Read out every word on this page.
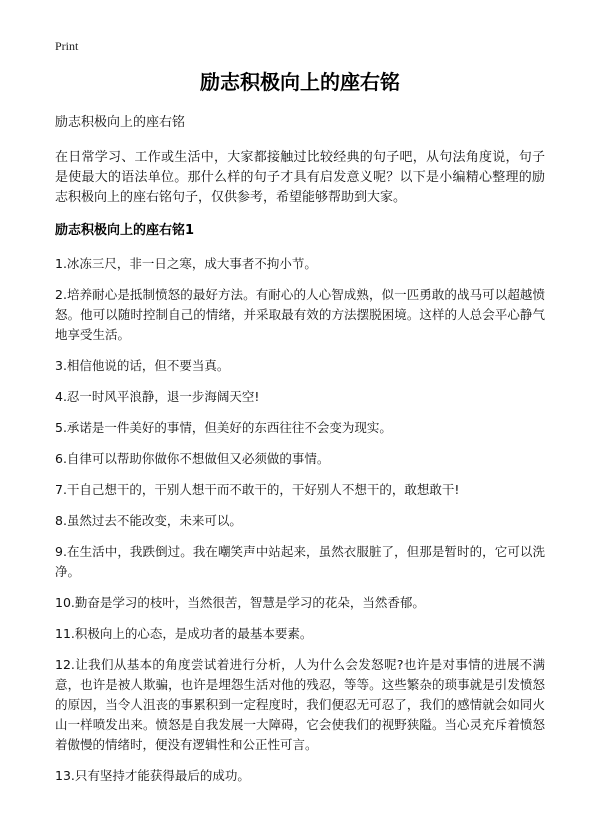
Print
励志积极向上的座右铭
励志积极向上的座右铭

在日常学习、工作或生活中，大家都接触过比较经典的句子吧，从句法角度说，句子是使最大的语法单位。那什么样的句子才具有启发意义呢？以下是小编精心整理的励志积极向上的座右铭句子，仅供参考，希望能够帮助到大家。

励志积极向上的座右铭1

1.冰冻三尺，非一日之寒，成大事者不拘小节。

2.培养耐心是抵制愤怒的最好方法。有耐心的人心智成熟，似一匹勇敢的战马可以超越愤怒。他可以随时控制自己的情绪，并采取最有效的方法摆脱困境。这样的人总会平心静气地享受生活。

3.相信他说的话，但不要当真。

4.忍一时风平浪静，退一步海阔天空!

5.承诺是一件美好的事情，但美好的东西往往不会变为现实。

6.自律可以帮助你做你不想做但又必须做的事情。

7.干自己想干的，干别人想干而不敢干的，干好别人不想干的，敢想敢干!

8.虽然过去不能改变，未来可以。

9.在生活中，我跌倒过。我在嘲笑声中站起来，虽然衣服脏了，但那是暂时的，它可以洗净。

10.勤奋是学习的枝叶，当然很苦，智慧是学习的花朵，当然香郁。

11.积极向上的心态，是成功者的最基本要素。

12.让我们从基本的角度尝试着进行分析，人为什么会发怒呢?也许是对事情的进展不满意，也许是被人欺骗，也许是埋怨生活对他的残忍，等等。这些繁杂的琐事就是引发愤怒的原因，当令人沮丧的事累积到一定程度时，我们便忍无可忍了，我们的感情就会如同火山一样喷发出来。愤怒是自我发展一大障碍，它会使我们的视野狭隘。当心灵充斥着愤怒着傲慢的情绪时，便没有逻辑性和公正性可言。

13.只有坚持才能获得最后的成功。
